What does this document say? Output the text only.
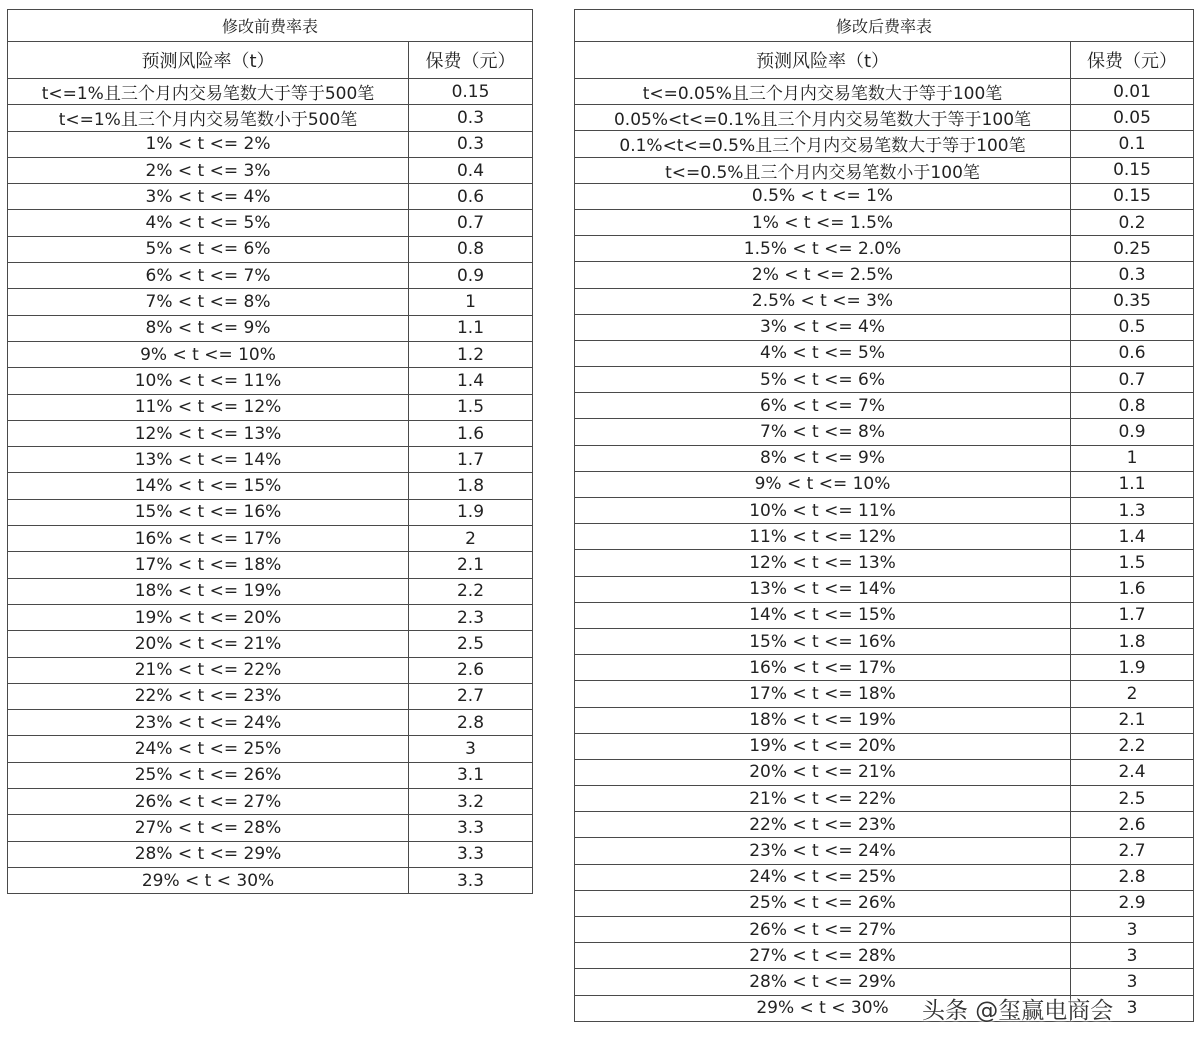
修改前费率表	
预测风险率（t）	保费（元）
t<=1%且三个月内交易笔数大于等于500笔	0.15
t<=1%且三个月内交易笔数小于500笔	0.3
1% < t <= 2%	0.3
2% < t <= 3%	0.4
3% < t <= 4%	0.6
4% < t <= 5%	0.7
5% < t <= 6%	0.8
6% < t <= 7%	0.9
7% < t <= 8%	1
8% < t <= 9%	1.1
9% < t <= 10%	1.2
10% < t <= 11%	1.4
11% < t <= 12%	1.5
12% < t <= 13%	1.6
13% < t <= 14%	1.7
14% < t <= 15%	1.8
15% < t <= 16%	1.9
16% < t <= 17%	2
17% < t <= 18%	2.1
18% < t <= 19%	2.2
19% < t <= 20%	2.3
20% < t <= 21%	2.5
21% < t <= 22%	2.6
22% < t <= 23%	2.7
23% < t <= 24%	2.8
24% < t <= 25%	3
25% < t <= 26%	3.1
26% < t <= 27%	3.2
27% < t <= 28%	3.3
28% < t <= 29%	3.3
29% < t < 30%	3.3
修改后费率表	
预测风险率（t）	保费（元）
t<=0.05%且三个月内交易笔数大于等于100笔	0.01
0.05%<t<=0.1%且三个月内交易笔数大于等于100笔	0.05
0.1%<t<=0.5%且三个月内交易笔数大于等于100笔	0.1
t<=0.5%且三个月内交易笔数小于100笔	0.15
0.5% < t <= 1%	0.15
1% < t <= 1.5%	0.2
1.5% < t <= 2.0%	0.25
2% < t <= 2.5%	0.3
2.5% < t <= 3%	0.35
3% < t <= 4%	0.5
4% < t <= 5%	0.6
5% < t <= 6%	0.7
6% < t <= 7%	0.8
7% < t <= 8%	0.9
8% < t <= 9%	1
9% < t <= 10%	1.1
10% < t <= 11%	1.3
11% < t <= 12%	1.4
12% < t <= 13%	1.5
13% < t <= 14%	1.6
14% < t <= 15%	1.7
15% < t <= 16%	1.8
16% < t <= 17%	1.9
17% < t <= 18%	2
18% < t <= 19%	2.1
19% < t <= 20%	2.2
20% < t <= 21%	2.4
21% < t <= 22%	2.5
22% < t <= 23%	2.6
23% < t <= 24%	2.7
24% < t <= 25%	2.8
25% < t <= 26%	2.9
26% < t <= 27%	3
27% < t <= 28%	3
28% < t <= 29%	3
29% < t < 30%	3
头条 @玺赢电商会
